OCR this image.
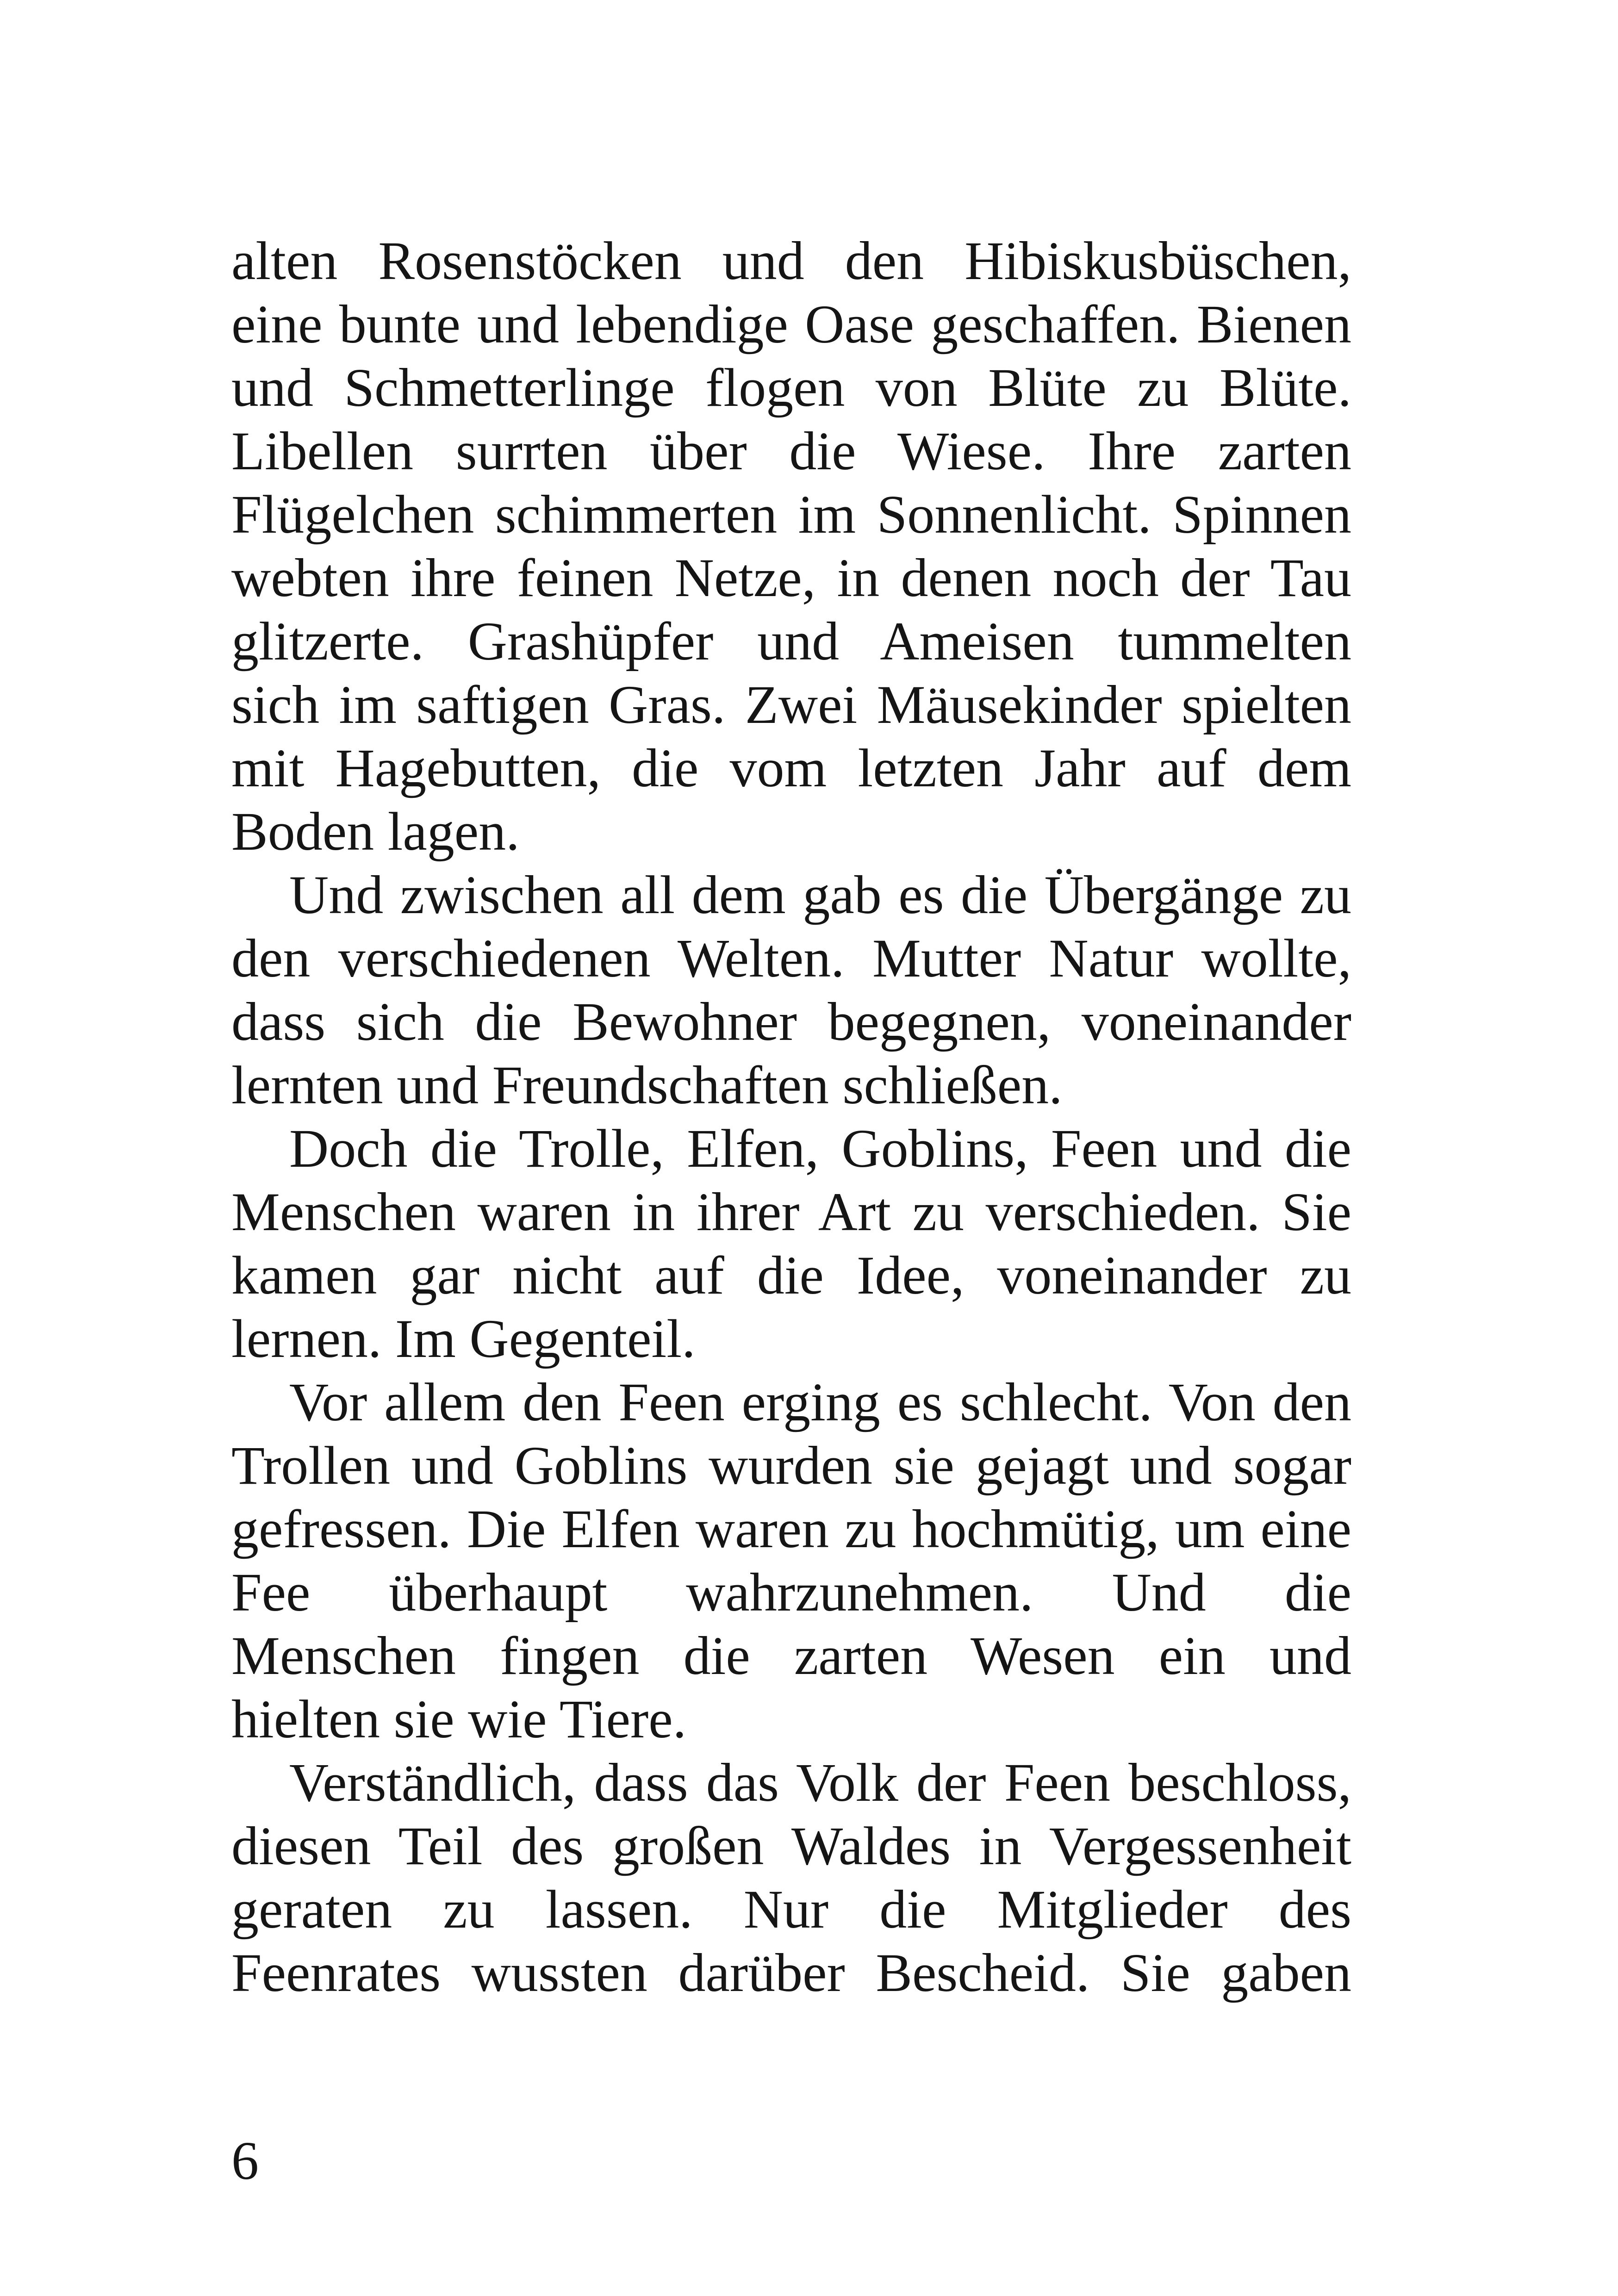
alten Rosenstöcken und den Hibiskusbüschen,
eine bunte und lebendige Oase geschaffen. Bienen
und Schmetterlinge flogen von Blüte zu Blüte.
Libellen surrten über die Wiese. Ihre zarten
Flügelchen schimmerten im Sonnenlicht. Spinnen
webten ihre feinen Netze, in denen noch der Tau
glitzerte. Grashüpfer und Ameisen tummelten
sich im saftigen Gras. Zwei Mäusekinder spielten
mit Hagebutten, die vom letzten Jahr auf dem
Boden lagen.
Und zwischen all dem gab es die Übergänge zu
den verschiedenen Welten. Mutter Natur wollte,
dass sich die Bewohner begegnen, voneinander
lernten und Freundschaften schließen.
Doch die Trolle, Elfen, Goblins, Feen und die
Menschen waren in ihrer Art zu verschieden. Sie
kamen gar nicht auf die Idee, voneinander zu
lernen. Im Gegenteil.
Vor allem den Feen erging es schlecht. Von den
Trollen und Goblins wurden sie gejagt und sogar
gefressen. Die Elfen waren zu hochmütig, um eine
Fee überhaupt wahrzunehmen. Und die
Menschen fingen die zarten Wesen ein und
hielten sie wie Tiere.
Verständlich, dass das Volk der Feen beschloss,
diesen Teil des großen Waldes in Vergessenheit
geraten zu lassen. Nur die Mitglieder des
Feenrates wussten darüber Bescheid. Sie gaben
6
